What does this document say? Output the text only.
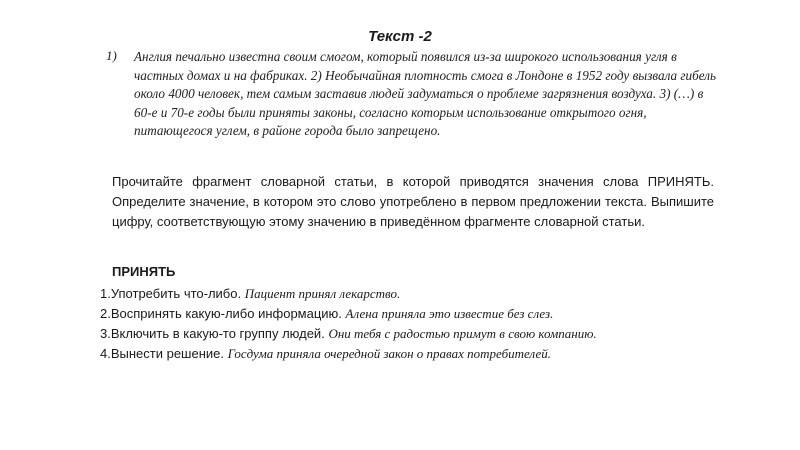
Текст -2
1) Англия печально известна своим смогом, который появился из-за широкого использования угля в частных домах и на фабриках. 2) Необычайная плотность смога в Лондоне в 1952 году вызвала гибель около 4000 человек, тем самым заставив людей задуматься о проблеме загрязнения воздуха. 3) (…) в 60-е и 70-е годы были приняты законы, согласно которым использование открытого огня, питающегося углем, в районе города было запрещено.
Прочитайте фрагмент словарной статьи, в которой приводятся значения слова ПРИНЯТЬ. Определите значение, в котором это слово употреблено в первом предложении текста. Выпишите цифру, соответствующую этому значению в приведённом фрагменте словарной статьи.
ПРИНЯТЬ
1.Употребить что-либо. Пациент принял лекарство.
2.Воспринять какую-либо информацию. Алена приняла это известие без слез.
3.Включить в какую-то группу людей. Они тебя с радостью примут в свою компанию.
4.Вынести решение. Госдума приняла очередной закон о правах потребителей.
